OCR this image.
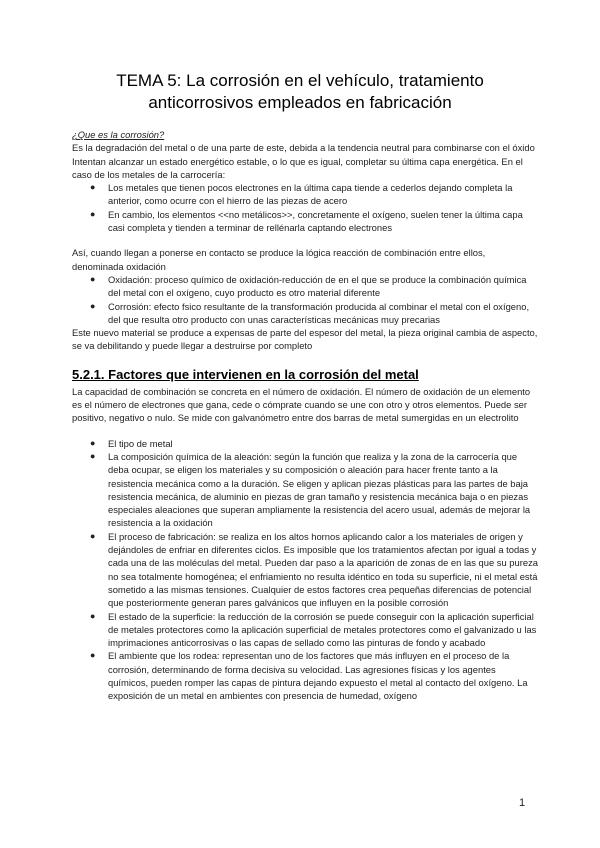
TEMA 5: La corrosión en el vehículo, tratamiento
anticorrosivos empleados en fabricación

¿Que es la corrosión?

Es la degradación del metal o de una parte de este, debida a la tendencia neutral para combinarse con el óxido

Intentan alcanzar un estado energético estable, o lo que es igual, completar su última capa energética. En el caso de los metales de la carrocería:

● Los metales que tienen pocos electrones en la última capa tiende a cederlos dejando completa la anterior, como ocurre con el hierro de las piezas de acero
● En cambio, los elementos <<no metálicos>>, concretamente el oxígeno, suelen tener la última capa casi completa y tienden a terminar de rellénarla captando electrones

Así, cuando llegan a ponerse en contacto se produce la lógica reacción de combinación entre ellos, denominada oxidación

● Oxidación: proceso químico de oxidación-reducción de en el que se produce la combinación química del metal con el oxígeno, cuyo producto es otro material diferente
● Corrosión: efecto fsico resultante de la transformación producida al combinar el metal con el oxígeno, del que resulta otro producto con unas características mecánicas muy precarias

Este nuevo material se produce a expensas de parte del espesor del metal, la pieza original cambia de aspecto, se va debilitando y puede llegar a destruirse por completo

5.2.1. Factores que intervienen en la corrosión del metal

La capacidad de combinación se concreta en el número de oxidación. El número de oxidación de un elemento es el número de electrones que gana, cede o cómprate cuando se une con otro y otros elementos. Puede ser positivo, negativo o nulo. Se mide con galvanómetro entre dos barras de metal sumergidas en un electrolito

● El tipo de metal
● La composición química de la aleación: según la función que realiza y la zona de la carrocería que deba ocupar, se eligen los materiales y su composición o aleación para hacer frente tanto a la resistencia mecánica como a la duración. Se eligen y aplican piezas plásticas para las partes de baja resistencia mecánica, de aluminio en piezas de gran tamaño y resistencia mecánica baja o en piezas especiales aleaciones que superan ampliamente la resistencia del acero usual, además de mejorar la resistencia a la oxidación
● El proceso de fabricación: se realiza en los altos hornos aplicando calor a los materiales de origen y dejándoles de enfriar en diferentes ciclos. Es imposible que los tratamientos afectan por igual a todas y cada una de las moléculas del metal. Pueden dar paso a la aparición de zonas de en las que su pureza no sea totalmente homogénea; el enfriamiento no resulta idéntico en toda su superficie, ni el metal está sometido a las mismas tensiones. Cualquier de estos factores crea pequeñas diferencias de potencial que posteriormente generan pares galvánicos que influyen en la posible corrosión
● El estado de la superficie: la reducción de la corrosión se puede conseguir con la aplicación superficial de metales protectores como la aplicación superficial de metales protectores como el galvanizado u las imprimaciones anticorrosivas o las capas de sellado como las pinturas de fondo y acabado
● El ambiente que los rodea: representan uno de los factores que más influyen en el proceso de la corrosión, determinando de forma decisiva su velocidad. Las agresiones físicas y los agentes químicos, pueden romper las capas de pintura dejando expuesto el metal al contacto del oxígeno. La exposición de un metal en ambientes con presencia de humedad, oxígeno
1
